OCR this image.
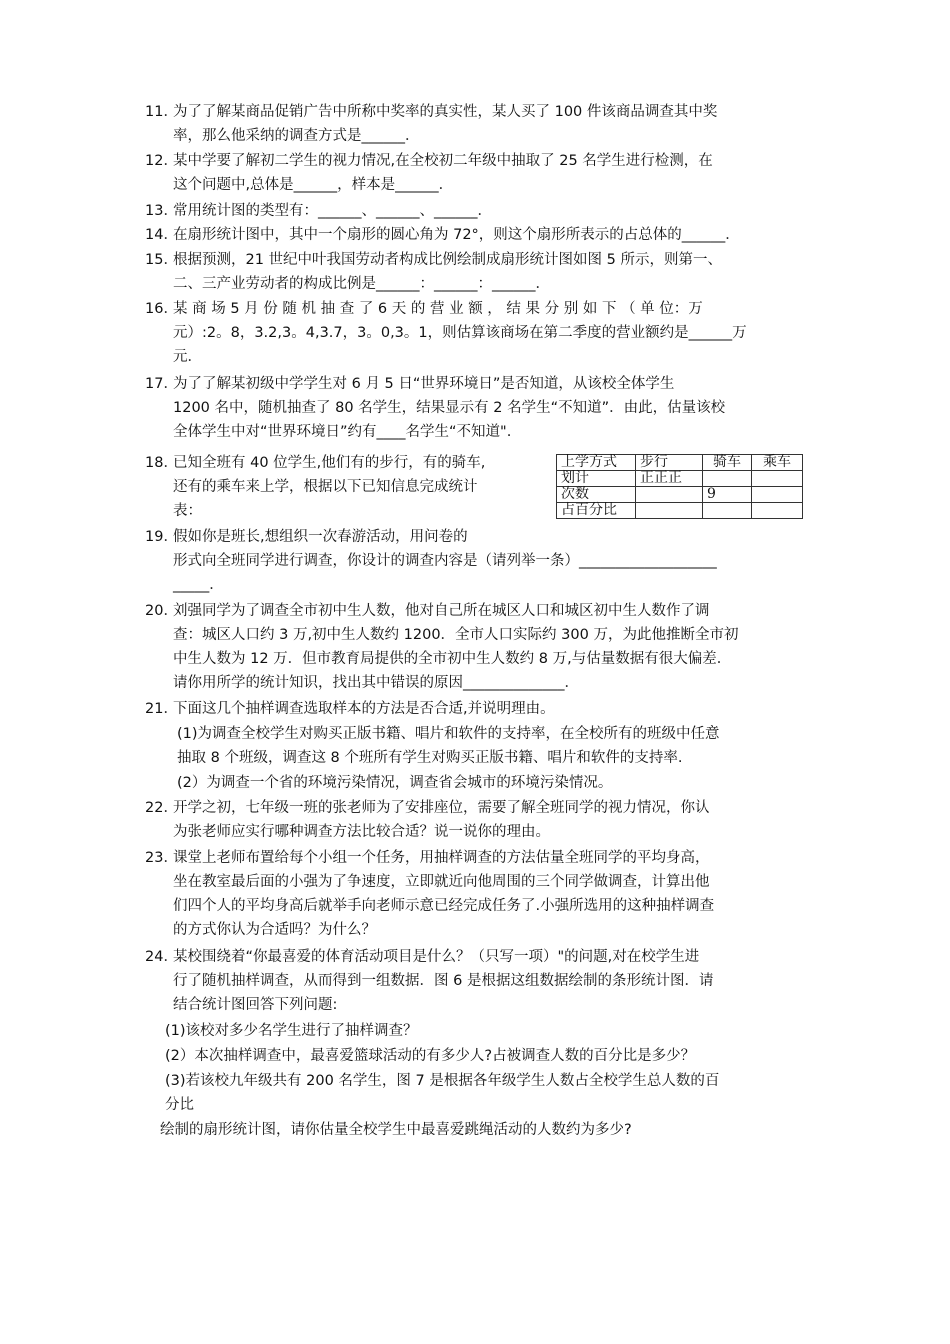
11．
为了了解某商品促销广告中所称中奖率的真实性，某人买了 100 件该商品调查其中奖
率，那么他采纳的调查方式是______．
12．
某中学要了解初二学生的视力情况,在全校初二年级中抽取了 25 名学生进行检测，在
这个问题中,总体是______，样本是______．
13．
常用统计图的类型有：______、______、______．
14．
在扇形统计图中，其中一个扇形的圆心角为 72°，则这个扇形所表示的占总体的______．
15．
根据预测，21 世纪中叶我国劳动者构成比例绘制成扇形统计图如图 5 所示，则第一、
二、三产业劳动者的构成比例是______：______：______．
16．
某 商 场 5 月 份 随 机 抽 查 了 6 天 的 营 业 额 ， 结 果 分 别 如 下 （ 单 位：万
元）:2。8，3.2,3。4,3.7，3。0,3。1，则估算该商场在第二季度的营业额约是______万
元．
17．
为了了解某初级中学学生对 6 月 5 日“世界环境日”是否知道，从该校全体学生
1200 名中，随机抽查了 80 名学生，结果显示有 2 名学生“不知道”．由此，估量该校
全体学生中对“世界环境日”约有____名学生“不知道".
18．
已知全班有 40 位学生,他们有的步行，有的骑车,
还有的乘车来上学，根据以下已知信息完成统计
表：
19．
假如你是班长,想组织一次春游活动，用问卷的
形式向全班同学进行调查，你设计的调查内容是（请列举一条）___________________
_____．
20．
刘强同学为了调查全市初中生人数，他对自己所在城区人口和城区初中生人数作了调
查：城区人口约 3 万,初中生人数约 1200．全市人口实际约 300 万，为此他推断全市初
中生人数为 12 万．但市教育局提供的全市初中生人数约 8 万,与估量数据有很大偏差．
请你用所学的统计知识，找出其中错误的原因______________．
21．
下面这几个抽样调查选取样本的方法是否合适,并说明理由。
22．
开学之初，七年级一班的张老师为了安排座位，需要了解全班同学的视力情况，你认
为张老师应实行哪种调查方法比较合适？说一说你的理由。
23．
课堂上老师布置给每个小组一个任务，用抽样调查的方法估量全班同学的平均身高，
坐在教室最后面的小强为了争速度，立即就近向他周围的三个同学做调查，计算出他
们四个人的平均身高后就举手向老师示意已经完成任务了.小强所选用的这种抽样调查
的方式你认为合适吗？为什么？
24．
某校围绕着“你最喜爱的体育活动项目是什么？（只写一项）"的问题,对在校学生进
行了随机抽样调查，从而得到一组数据．图 6 是根据这组数据绘制的条形统计图．请
结合统计图回答下列问题:
(1)为调查全校学生对购买正版书籍、唱片和软件的支持率，在全校所有的班级中任意
抽取 8 个班级，调查这 8 个班所有学生对购买正版书籍、唱片和软件的支持率.
(2）为调查一个省的环境污染情况，调查省会城市的环境污染情况。
(1)该校对多少名学生进行了抽样调查？
(2）本次抽样调查中，最喜爱篮球活动的有多少人?占被调查人数的百分比是多少？
(3)若该校九年级共有 200 名学生，图 7 是根据各年级学生人数占全校学生总人数的百
分比
绘制的扇形统计图，请你估量全校学生中最喜爱跳绳活动的人数约为多少?
上学方式	步行	骑车	乘车
划计	正正正		
次数		9	
占百分比			
